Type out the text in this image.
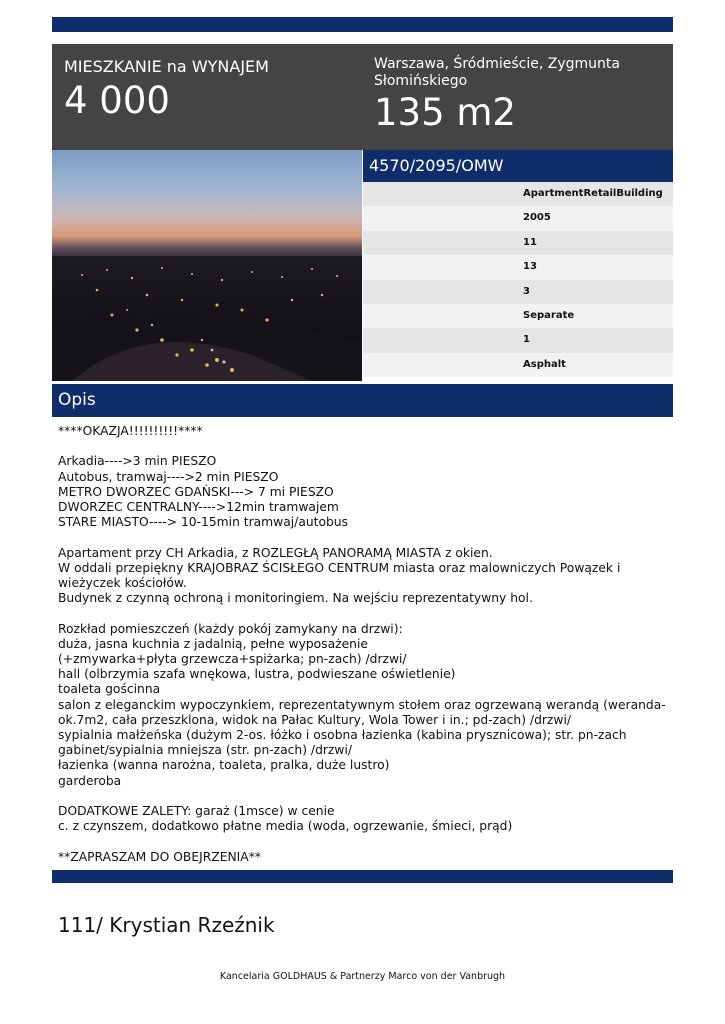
MIESZKANIE na WYNAJEM
4 000
Warszawa, Śródmieście, Zygmunta Słomińskiego
135 m2
4570/2095/OMW
ApartmentRetailBuilding
2005
11
13
3
Separate
1
Asphalt
Opis
****OKAZJA!!!!!!!!!!****
Arkadia---->3 min PIESZO
Autobus, tramwaj---->2 min PIESZO
METRO DWORZEC GDAŃSKI---> 7 mi PIESZO
DWORZEC CENTRALNY---->12min tramwajem
STARE MIASTO----> 10-15min tramwaj/autobus
Apartament przy CH Arkadia, z ROZLEGŁĄ PANORAMĄ MIASTA z okien.
W oddali przepiękny KRAJOBRAZ ŚCISŁEGO CENTRUM miasta oraz malowniczych Powązek i wieżyczek kościołów.
Budynek z czynną ochroną i monitoringiem. Na wejściu reprezentatywny hol.
Rozkład pomieszczeń (każdy pokój zamykany na drzwi):
duża, jasna kuchnia z jadalnią, pełne wyposażenie
(+zmywarka+płyta grzewcza+spiżarka; pn-zach) /drzwi/
hall (olbrzymia szafa wnękowa, lustra, podwieszane oświetlenie)
toaleta gościnna
salon z eleganckim wypoczynkiem, reprezentatywnym stołem oraz ogrzewaną werandą (weranda-ok.7m2, cała przeszklona, widok na Pałac Kultury, Wola Tower i in.; pd-zach) /drzwi/
sypialnia małżeńska (dużym 2-os. łóżko i osobna łazienka (kabina prysznicowa); str. pn-zach
gabinet/sypialnia mniejsza (str. pn-zach) /drzwi/
łazienka (wanna narożna, toaleta, pralka, duże lustro)
garderoba
DODATKOWE ZALETY: garaż (1msce) w cenie
c. z czynszem, dodatkowo płatne media (woda, ogrzewanie, śmieci, prąd)
**ZAPRASZAM DO OBEJRZENIA**
111/ Krystian Rzeźnik
Kancelaria GOLDHAUS & Partnerzy Marco von der Vanbrugh
